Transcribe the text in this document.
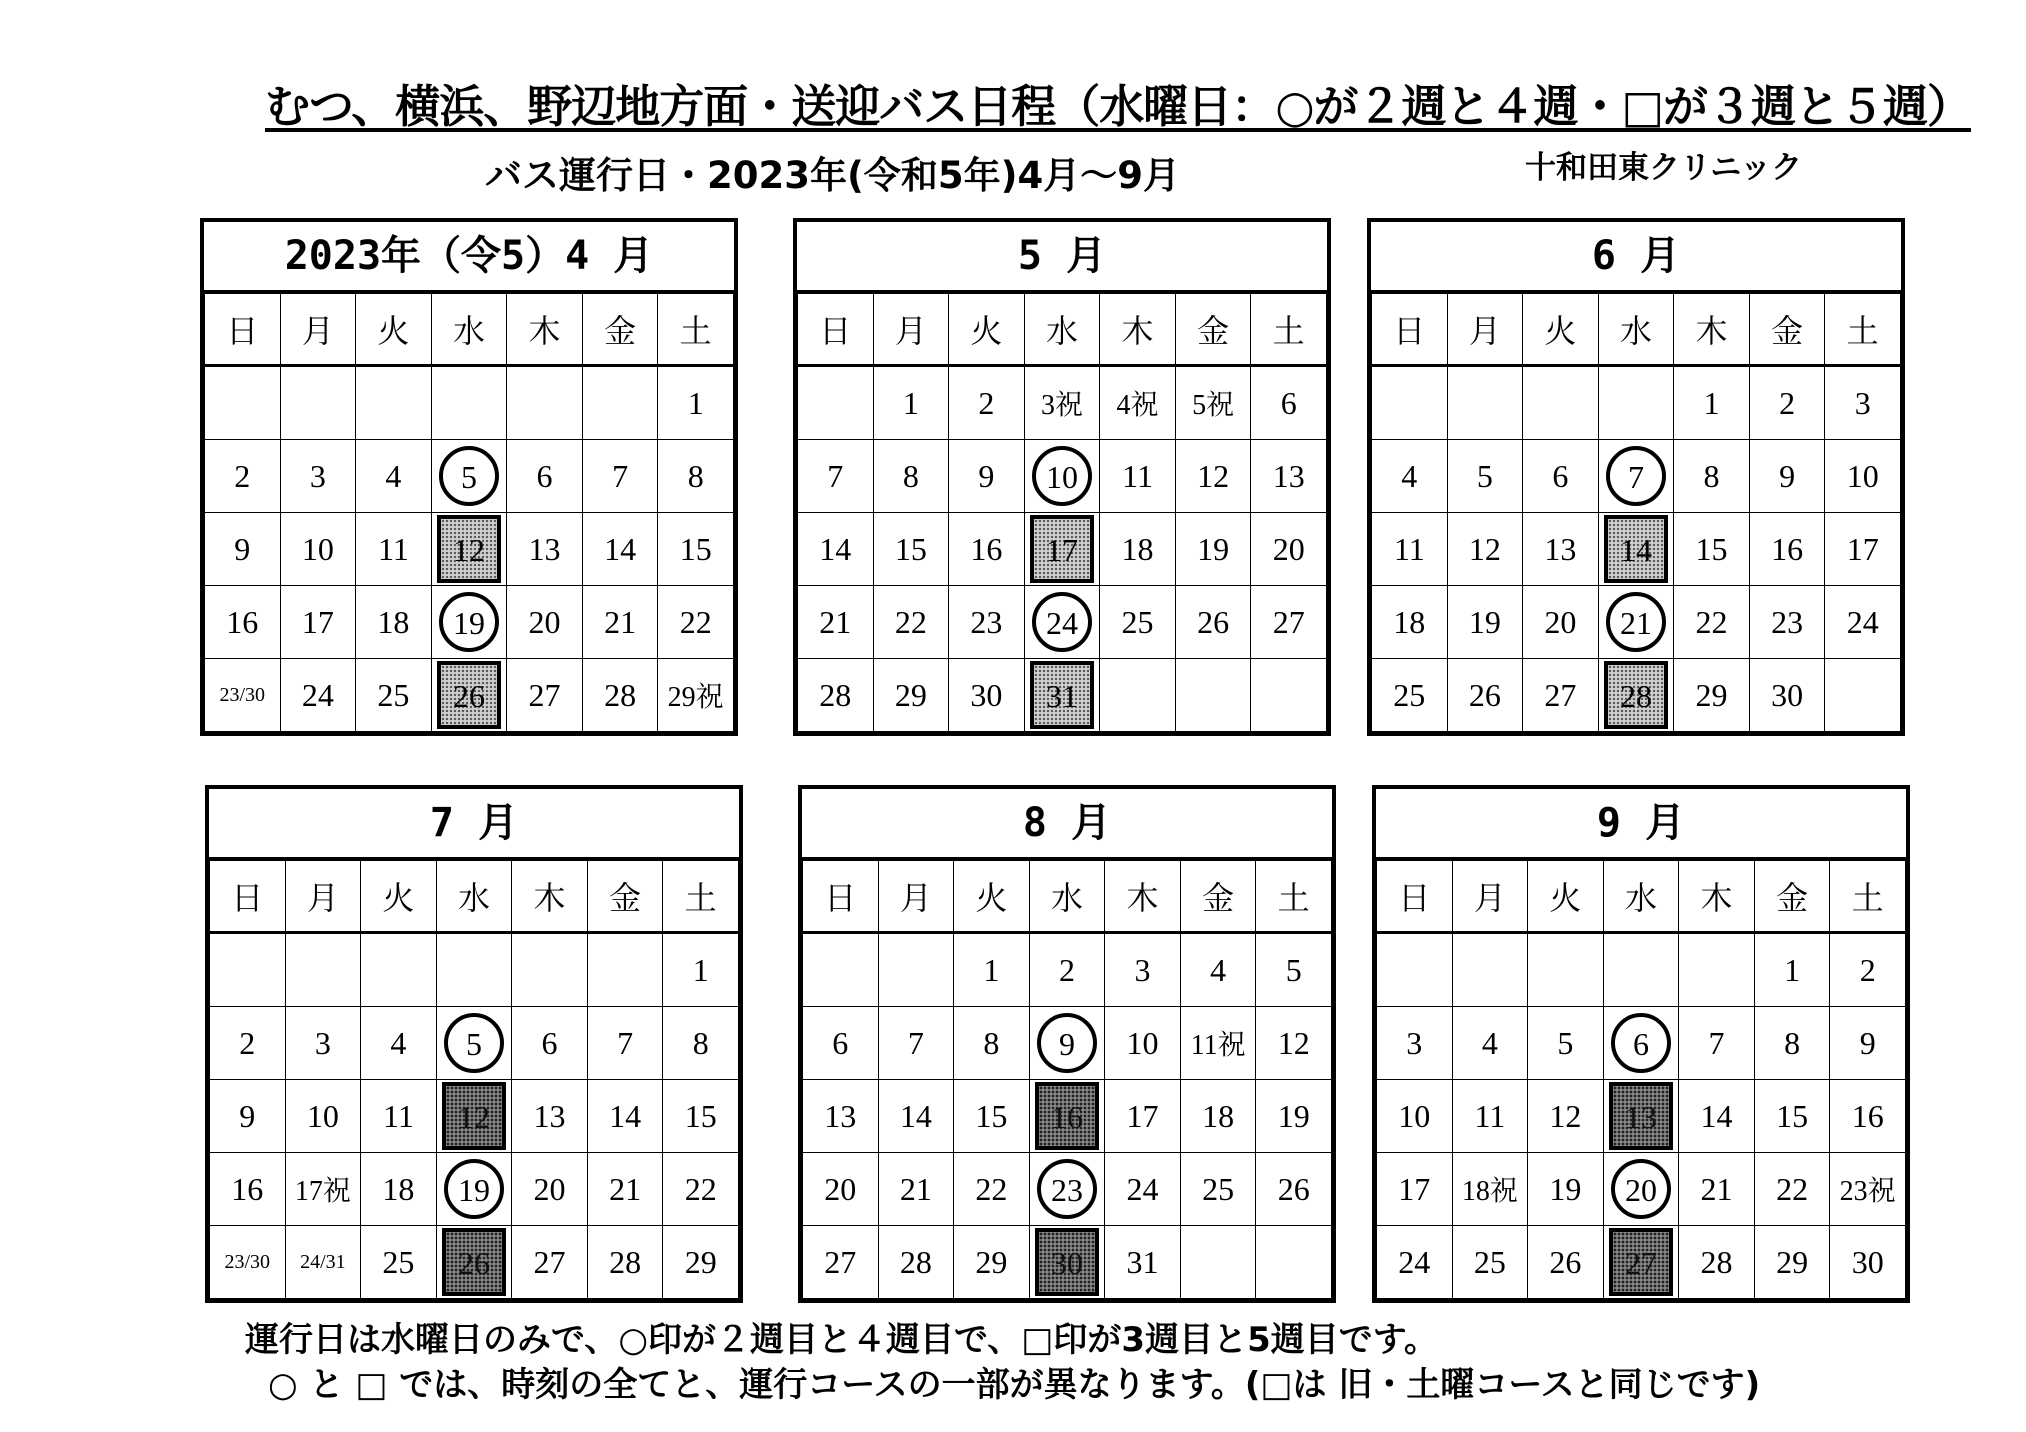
むつ、横浜、野辺地方面・送迎バス日程（水曜日：○が２週と４週・□が３週と５週）
バス運行日・2023年(令和5年)4月～9月	十和田東クリニック
2023年（令5）4 月
日	月	火	水	木	金	土
						1
2	3	4	5	6	7	8
9	10	11	12	13	14	15
16	17	18	19	20	21	22
23/30	24	25	26	27	28	29祝
5 月
日	月	火	水	木	金	土
	1	2	3祝	4祝	5祝	6
7	8	9	10	11	12	13
14	15	16	17	18	19	20
21	22	23	24	25	26	27
28	29	30	31			
6 月
日	月	火	水	木	金	土
				1	2	3
4	5	6	7	8	9	10
11	12	13	14	15	16	17
18	19	20	21	22	23	24
25	26	27	28	29	30	
7 月
日	月	火	水	木	金	土
						1
2	3	4	5	6	7	8
9	10	11	12	13	14	15
16	17祝	18	19	20	21	22
23/30	24/31	25	26	27	28	29
8 月
日	月	火	水	木	金	土
		1	2	3	4	5
6	7	8	9	10	11祝	12
13	14	15	16	17	18	19
20	21	22	23	24	25	26
27	28	29	30	31		
9 月
日	月	火	水	木	金	土
					1	2
3	4	5	6	7	8	9
10	11	12	13	14	15	16
17	18祝	19	20	21	22	23祝
24	25	26	27	28	29	30
運行日は水曜日のみで、○印が２週目と４週目で、□印が3週目と5週目です。
○ と □ では、時刻の全てと、運行コースの一部が異なります。(□は 旧・土曜コースと同じです)
